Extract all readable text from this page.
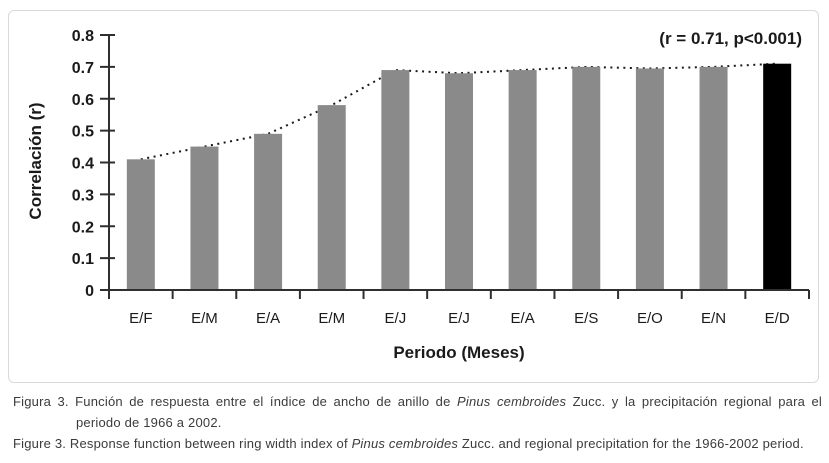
E/D
E/N
E/O
E/S
E/A
E/J
E/J
E/M
E/A
E/M
E/F
0.8
0.7
0.6
0.5
0.4
0.3
0.2
0.1
0
(r = 0.71, p<0.001)
Correlación (r)
Periodo (Meses)
Figura 3. Función de respuesta entre el índice de ancho de anillo de Pinus cembroides Zucc. y la precipitación regional para el
periodo de 1966 a 2002.
Figure 3. Response function between ring width index of Pinus cembroides Zucc. and regional precipitation for the 1966-2002 period.
